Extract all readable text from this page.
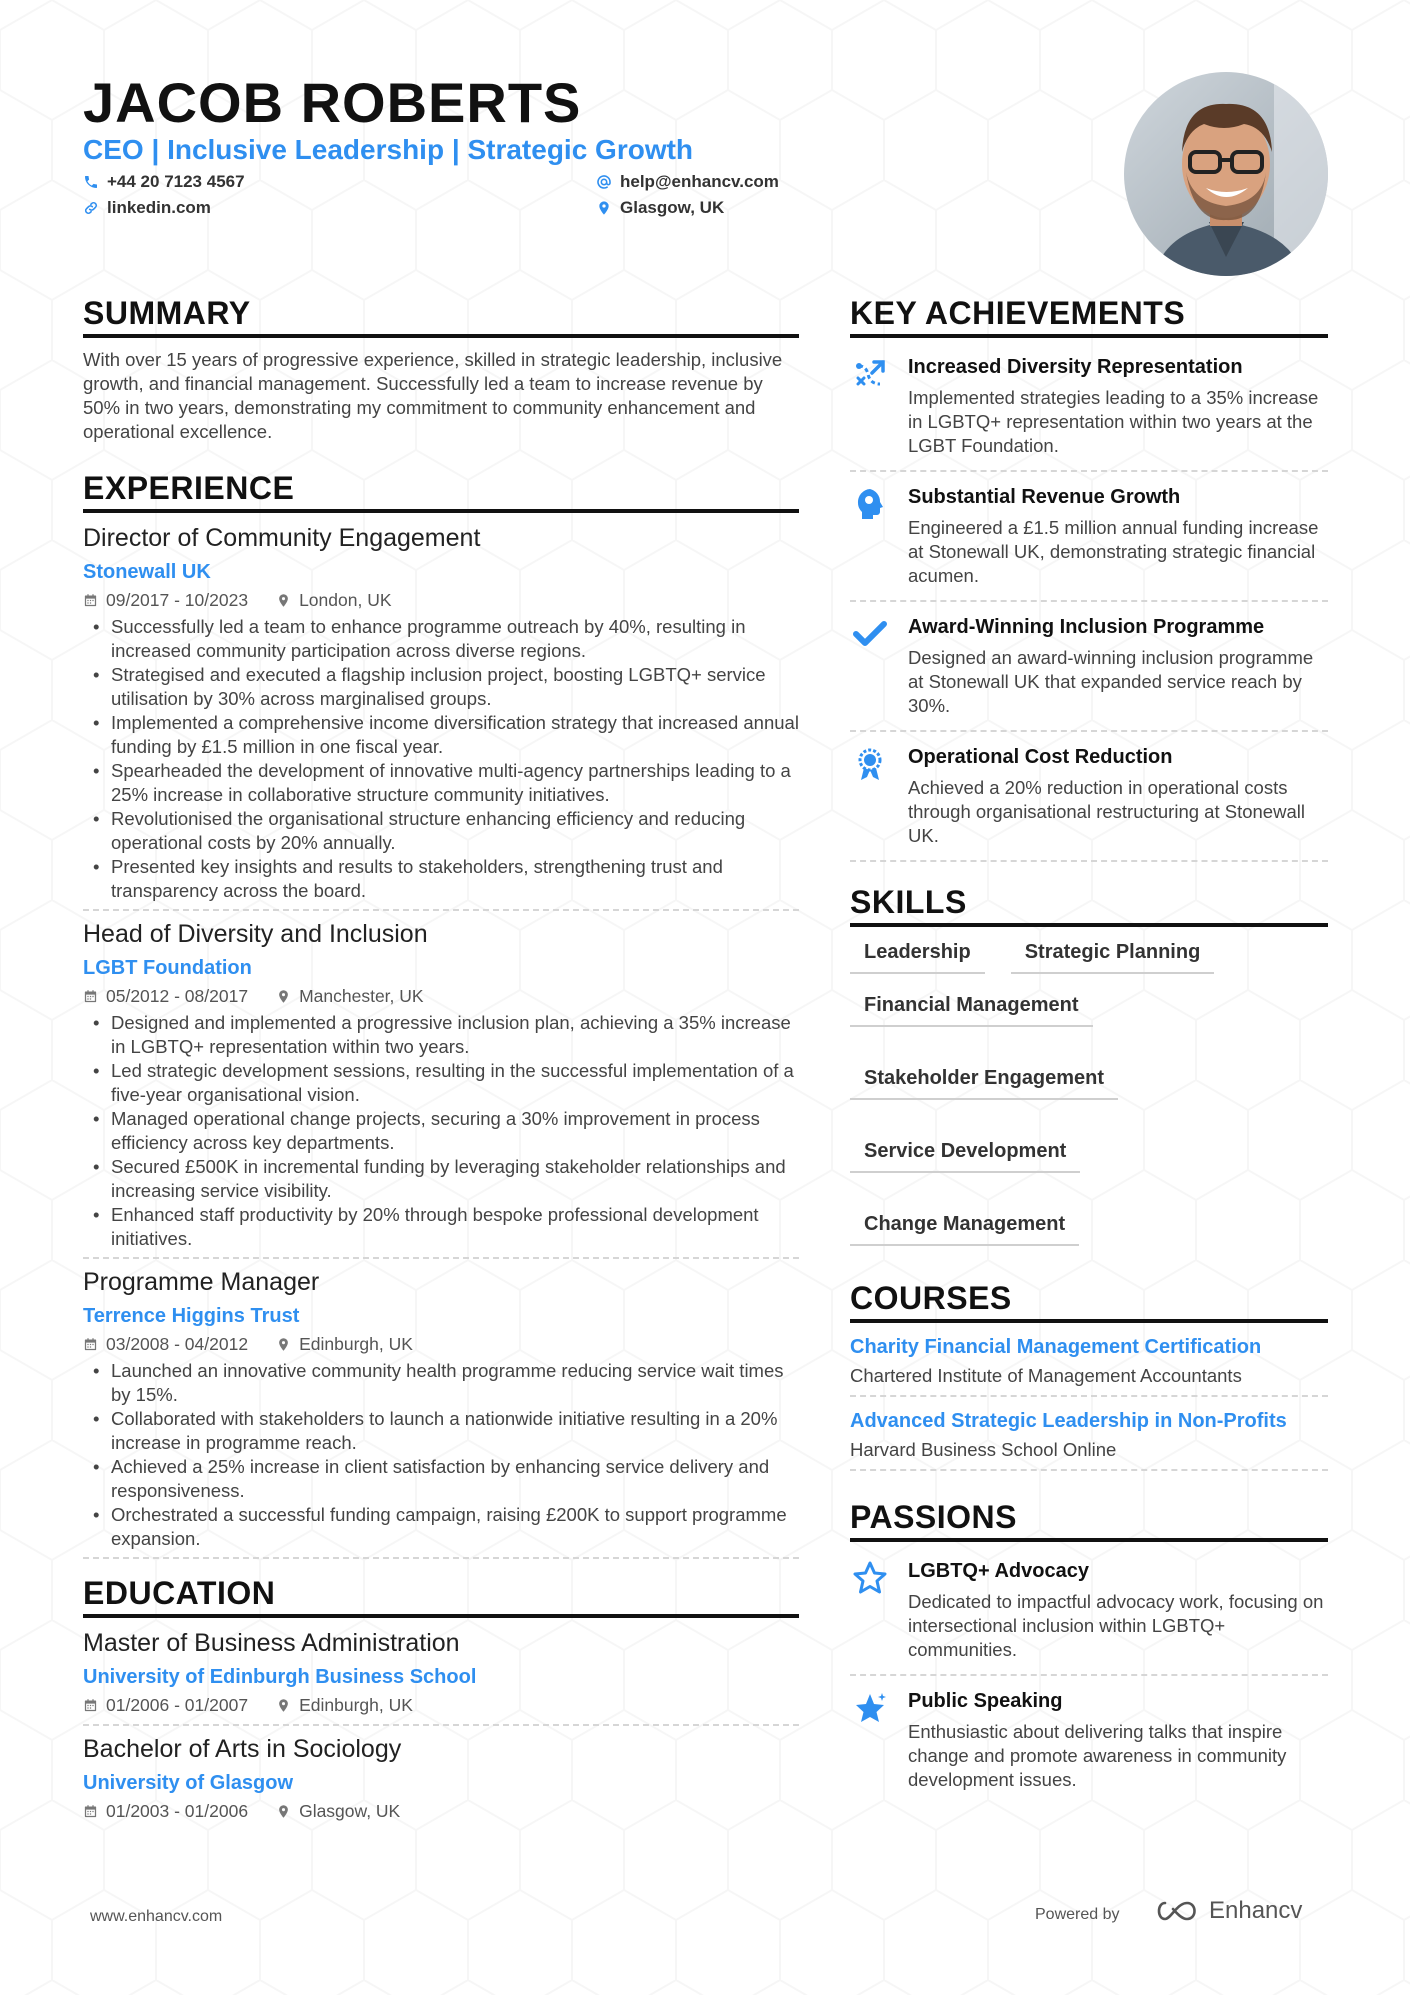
JACOB ROBERTS
CEO | Inclusive Leadership | Strategic Growth
+44 20 7123 4567	help@enhancv.com
linkedin.com	Glasgow, UK
SUMMARY

With over 15 years of progressive experience, skilled in strategic leadership, inclusive growth, and financial management. Successfully led a team to increase revenue by 50% in two years, demonstrating my commitment to community enhancement and operational excellence.

EXPERIENCE
Director of Community Engagement
Stonewall UK
09/2017 - 10/2023	London, UK
• Successfully led a team to enhance programme outreach by 40%, resulting in increased community participation across diverse regions.
• Strategised and executed a flagship inclusion project, boosting LGBTQ+ service utilisation by 30% across marginalised groups.
• Implemented a comprehensive income diversification strategy that increased annual funding by £1.5 million in one fiscal year.
• Spearheaded the development of innovative multi-agency partnerships leading to a 25% increase in collaborative structure community initiatives.
• Revolutionised the organisational structure enhancing efficiency and reducing operational costs by 20% annually.
• Presented key insights and results to stakeholders, strengthening trust and transparency across the board.
Head of Diversity and Inclusion
LGBT Foundation
05/2012 - 08/2017	Manchester, UK
• Designed and implemented a progressive inclusion plan, achieving a 35% increase in LGBTQ+ representation within two years.
• Led strategic development sessions, resulting in the successful implementation of a five-year organisational vision.
• Managed operational change projects, securing a 30% improvement in process efficiency across key departments.
• Secured £500K in incremental funding by leveraging stakeholder relationships and increasing service visibility.
• Enhanced staff productivity by 20% through bespoke professional development initiatives.
Programme Manager
Terrence Higgins Trust
03/2008 - 04/2012	Edinburgh, UK
• Launched an innovative community health programme reducing service wait times by 15%.
• Collaborated with stakeholders to launch a nationwide initiative resulting in a 20% increase in programme reach.
• Achieved a 25% increase in client satisfaction by enhancing service delivery and responsiveness.
• Orchestrated a successful funding campaign, raising £200K to support programme expansion.
EDUCATION
Master of Business Administration
University of Edinburgh Business School
01/2006 - 01/2007	Edinburgh, UK
Bachelor of Arts in Sociology
University of Glasgow
01/2003 - 01/2006	Glasgow, UK
KEY ACHIEVEMENTS
Increased Diversity Representation
Implemented strategies leading to a 35% increase in LGBTQ+ representation within two years at the LGBT Foundation.
Substantial Revenue Growth
Engineered a £1.5 million annual funding increase at Stonewall UK, demonstrating strategic financial acumen.
Award-Winning Inclusion Programme
Designed an award-winning inclusion programme at Stonewall UK that expanded service reach by 30%.
Operational Cost Reduction
Achieved a 20% reduction in operational costs through organisational restructuring at Stonewall UK.
SKILLS
Leadership	Strategic Planning
Financial Management
Stakeholder Engagement
Service Development
Change Management
COURSES
Charity Financial Management Certification
Chartered Institute of Management Accountants
Advanced Strategic Leadership in Non-Profits
Harvard Business School Online
PASSIONS
LGBTQ+ Advocacy
Dedicated to impactful advocacy work, focusing on intersectional inclusion within LGBTQ+ communities.
Public Speaking
Enthusiastic about delivering talks that inspire change and promote awareness in community development issues.
www.enhancv.com	Powered by	Enhancv
